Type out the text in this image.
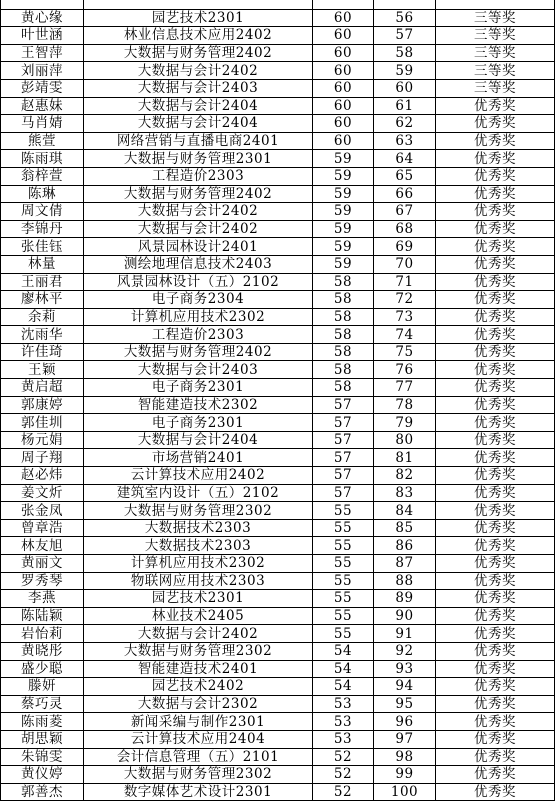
黄心缘	园艺技术2301	60	56	三等奖
叶世涵	林业信息技术应用2402	60	57	三等奖
王智萍	大数据与财务管理2402	60	58	三等奖
刘丽萍	大数据与会计2402	60	59	三等奖
彭靖雯	大数据与会计2403	60	60	三等奖
赵惠妹	大数据与会计2404	60	61	优秀奖
马肖婧	大数据与会计2404	60	62	优秀奖
熊萱	网络营销与直播电商2401	60	63	优秀奖
陈雨琪	大数据与财务管理2301	59	64	优秀奖
翁梓萱	工程造价2303	59	65	优秀奖
陈琳	大数据与财务管理2402	59	66	优秀奖
周文倩	大数据与会计2402	59	67	优秀奖
李锦丹	大数据与会计2402	59	68	优秀奖
张佳钰	风景园林设计2401	59	69	优秀奖
林量	测绘地理信息技术2403	59	70	优秀奖
王丽君	风景园林设计（五）2102	58	71	优秀奖
廖林平	电子商务2304	58	72	优秀奖
余莉	计算机应用技术2302	58	73	优秀奖
沈雨华	工程造价2303	58	74	优秀奖
许佳琦	大数据与财务管理2402	58	75	优秀奖
王颖	大数据与会计2403	58	76	优秀奖
黄启超	电子商务2301	58	77	优秀奖
郭康婷	智能建造技术2302	57	78	优秀奖
郭佳圳	电子商务2301	57	79	优秀奖
杨元娟	大数据与会计2404	57	80	优秀奖
周子翔	市场营销2401	57	81	优秀奖
赵必炜	云计算技术应用2402	57	82	优秀奖
姜文炘	建筑室内设计（五）2102	57	83	优秀奖
张金凤	大数据与财务管理2302	55	84	优秀奖
曾章浩	大数据技术2303	55	85	优秀奖
林友旭	大数据技术2303	55	86	优秀奖
黄丽文	计算机应用技术2302	55	87	优秀奖
罗秀琴	物联网应用技术2303	55	88	优秀奖
李燕	园艺技术2301	55	89	优秀奖
陈陆颖	林业技术2405	55	90	优秀奖
岩怡莉	大数据与会计2402	55	91	优秀奖
黄晓彤	大数据与财务管理2302	54	92	优秀奖
盛少聪	智能建造技术2401	54	93	优秀奖
滕妍	园艺技术2402	54	94	优秀奖
蔡巧灵	大数据与会计2302	53	95	优秀奖
陈雨菱	新闻采编与制作2301	53	96	优秀奖
胡思颖	云计算技术应用2404	53	97	优秀奖
朱锦雯	会计信息管理（五）2101	52	98	优秀奖
黄仪婷	大数据与财务管理2302	52	99	优秀奖
郭善杰	数字媒体艺术设计2301	52	100	优秀奖
